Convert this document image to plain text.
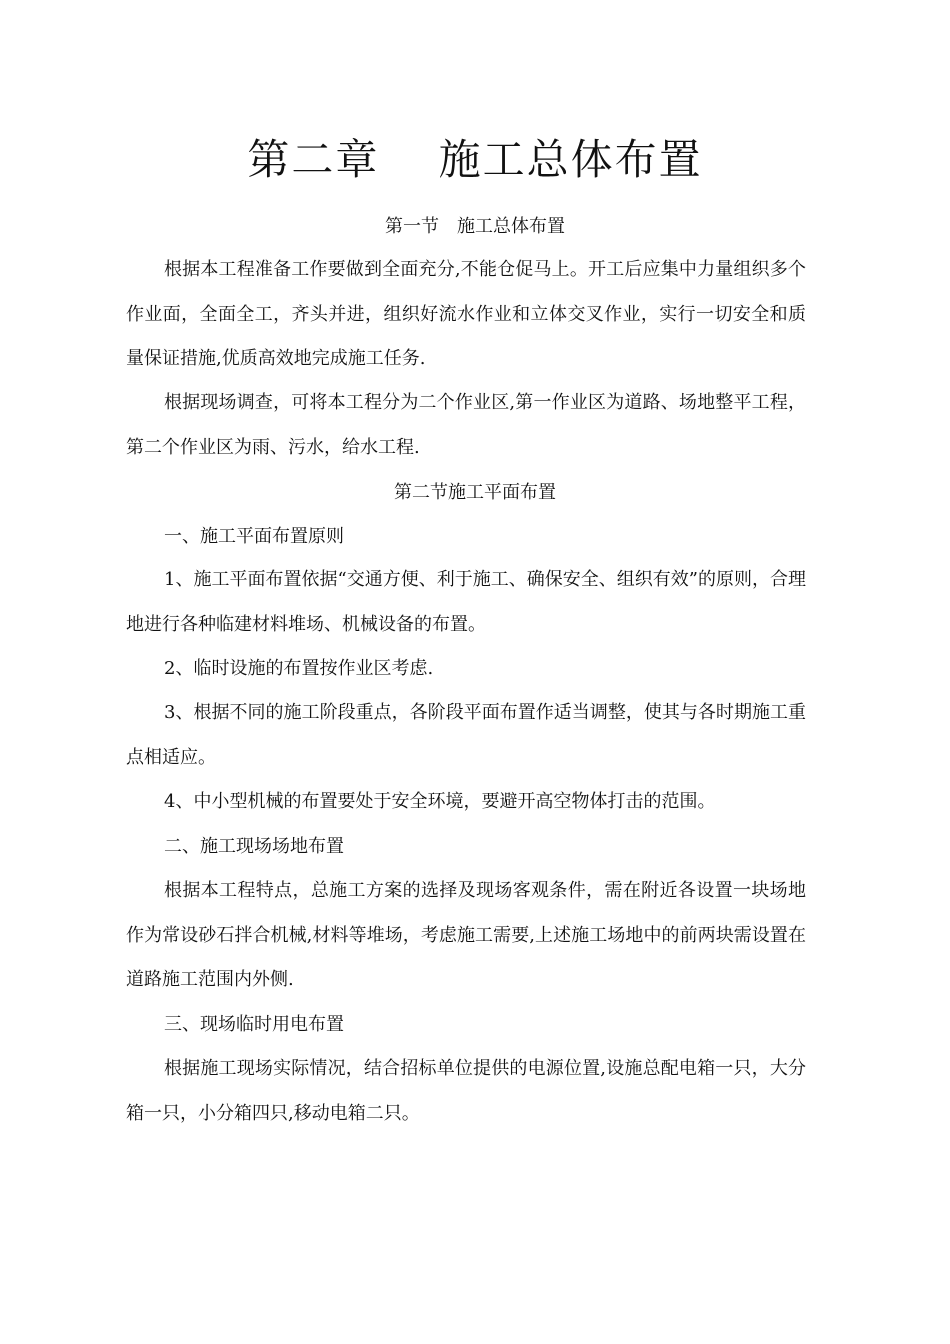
第二章　 施工总体布置
第一节　施工总体布置

根据本工程准备工作要做到全面充分,不能仓促马上。开工后应集中力量组织多个作业面，全面全工，齐头并进，组织好流水作业和立体交叉作业，实行一切安全和质量保证措施,优质高效地完成施工任务.

根据现场调查，可将本工程分为二个作业区,第一作业区为道路、场地整平工程，第二个作业区为雨、污水，给水工程.

第二节施工平面布置

一、施工平面布置原则

1、施工平面布置依据“交通方便、利于施工、确保安全、组织有效”的原则，合理地进行各种临建材料堆场、机械设备的布置。

2、临时设施的布置按作业区考虑.

3、根据不同的施工阶段重点，各阶段平面布置作适当调整，使其与各时期施工重点相适应。

4、中小型机械的布置要处于安全环境，要避开高空物体打击的范围。

二、施工现场场地布置

根据本工程特点，总施工方案的选择及现场客观条件，需在附近各设置一块场地作为常设砂石拌合机械,材料等堆场，考虑施工需要,上述施工场地中的前两块需设置在道路施工范围内外侧.

三、现场临时用电布置

根据施工现场实际情况，结合招标单位提供的电源位置,设施总配电箱一只，大分箱一只，小分箱四只,移动电箱二只。
